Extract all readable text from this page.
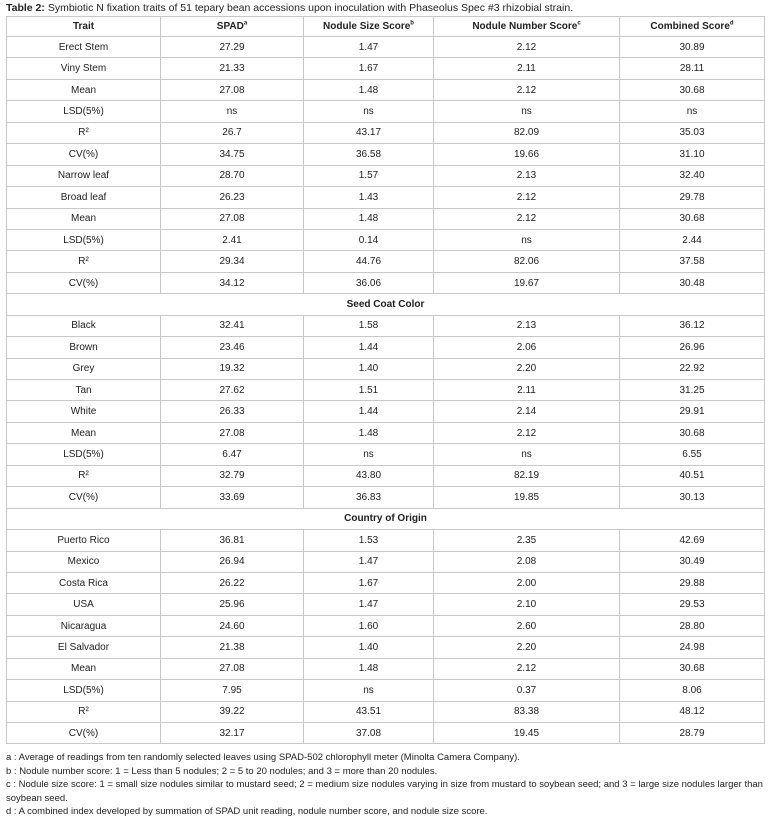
Table 2: Symbiotic N fixation traits of 51 tepary bean accessions upon inoculation with Phaseolus Spec #3 rhizobial strain.
Trait	SPAD$^a$	Nodule Size Score$^b$	Nodule Number Score$^c$	Combined Score$^d$
Erect Stem	27.29	1.47	2.12	30.89
Viny Stem	21.33	1.67	2.11	28.11
Mean	27.08	1.48	2.12	30.68
LSD(5%)	ns	ns	ns	ns
R²	26.7	43.17	82.09	35.03
CV(%)	34.75	36.58	19.66	31.10
Narrow leaf	28.70	1.57	2.13	32.40
Broad leaf	26.23	1.43	2.12	29.78
Mean	27.08	1.48	2.12	30.68
LSD(5%)	2.41	0.14	ns	2.44
R²	29.34	44.76	82.06	37.58
CV(%)	34.12	36.06	19.67	30.48
Seed Coat Color				
Black	32.41	1.58	2.13	36.12
Brown	23.46	1.44	2.06	26.96
Grey	19.32	1.40	2.20	22.92
Tan	27.62	1.51	2.11	31.25
White	26.33	1.44	2.14	29.91
Mean	27.08	1.48	2.12	30.68
LSD(5%)	6.47	ns	ns	6.55
R²	32.79	43.80	82.19	40.51
CV(%)	33.69	36.83	19.85	30.13
Country of Origin				
Puerto Rico	36.81	1.53	2.35	42.69
Mexico	26.94	1.47	2.08	30.49
Costa Rica	26.22	1.67	2.00	29.88
USA	25.96	1.47	2.10	29.53
Nicaragua	24.60	1.60	2.60	28.80
El Salvador	21.38	1.40	2.20	24.98
Mean	27.08	1.48	2.12	30.68
LSD(5%)	7.95	ns	0.37	8.06
R²	39.22	43.51	83.38	48.12
CV(%)	32.17	37.08	19.45	28.79
a : Average of readings from ten randomly selected leaves using SPAD-502 chlorophyll meter (Minolta Camera Company).
b : Nodule number score: 1 = Less than 5 nodules; 2 = 5 to 20 nodules; and 3 = more than 20 nodules.
c : Nodule size score: 1 = small size nodules similar to mustard seed; 2 = medium size nodules varying in size from mustard to soybean seed; and 3 = large size nodules larger than soybean seed.
d : A combined index developed by summation of SPAD unit reading, nodule number score, and nodule size score.
